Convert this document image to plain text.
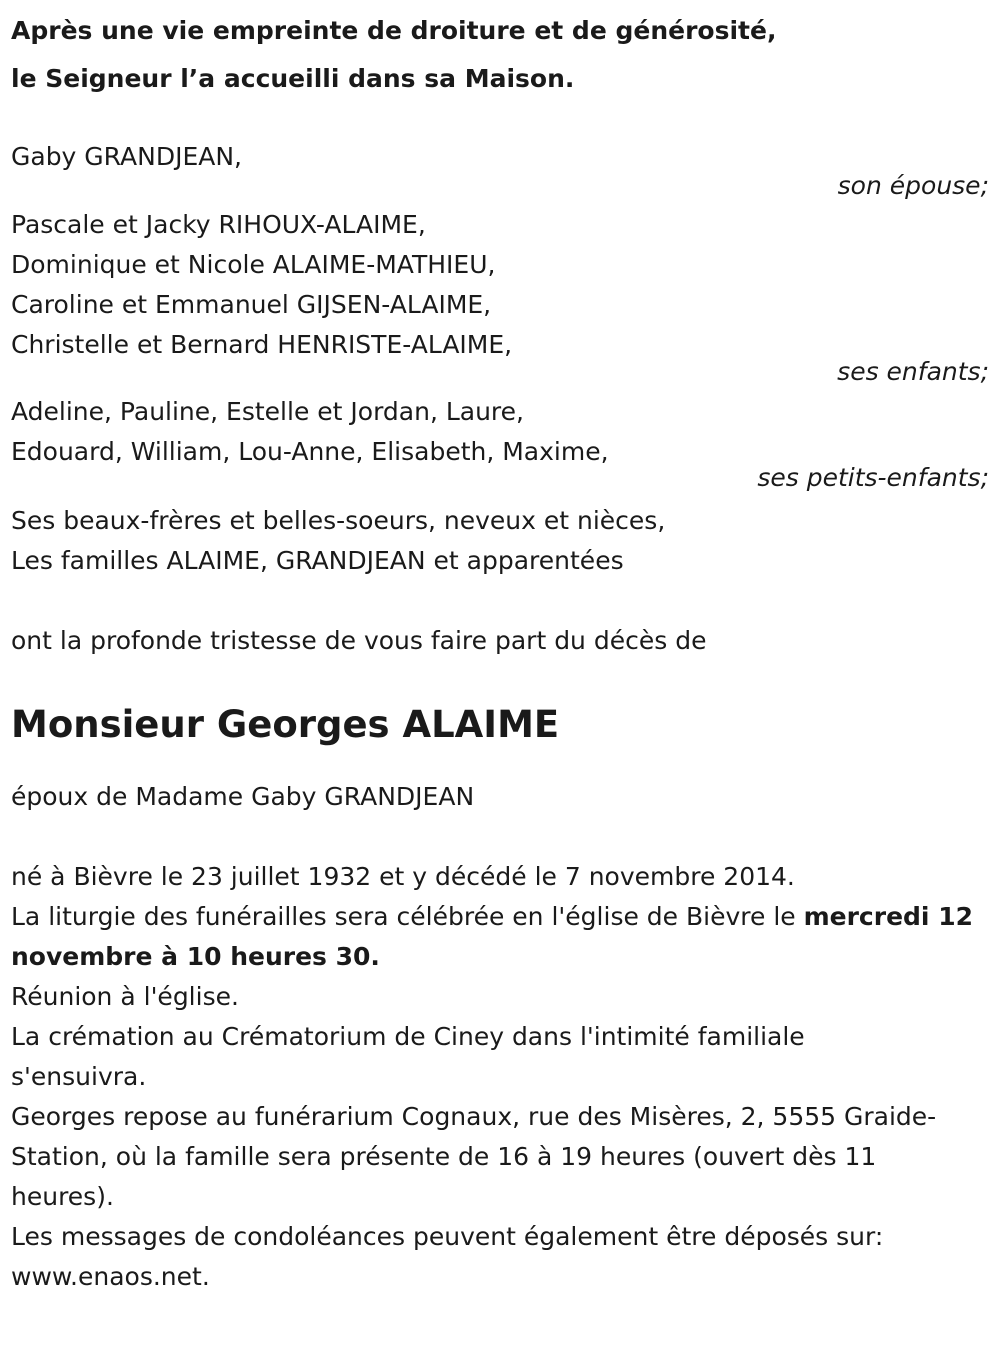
Après une vie empreinte de droiture et de générosité,
le Seigneur l’a accueilli dans sa Maison.
Gaby GRANDJEAN,
son épouse;
Pascale et Jacky RIHOUX-ALAIME,
Dominique et Nicole ALAIME-MATHIEU,
Caroline et Emmanuel GIJSEN-ALAIME,
Christelle et Bernard HENRISTE-ALAIME,
ses enfants;
Adeline, Pauline, Estelle et Jordan, Laure,
Edouard, William, Lou-Anne, Elisabeth, Maxime,
ses petits-enfants;
Ses beaux-frères et belles-soeurs, neveux et nièces,
Les familles ALAIME, GRANDJEAN et apparentées
ont la profonde tristesse de vous faire part du décès de
Monsieur Georges ALAIME
époux de Madame Gaby GRANDJEAN
né à Bièvre le 23 juillet 1932 et y décédé le 7 novembre 2014.

La liturgie des funérailles sera célébrée en l'église de Bièvre le mercredi 12 novembre à 10 heures 30.

Réunion à l'église.

La crémation au Crématorium de Ciney dans l'intimité familiale s'ensuivra.

Georges repose au funérarium Cognaux, rue des Misères, 2, 5555 Graide-Station, où la famille sera présente de 16 à 19 heures (ouvert dès 11 heures).

Les messages de condoléances peuvent également être déposés sur: www.enaos.net.
